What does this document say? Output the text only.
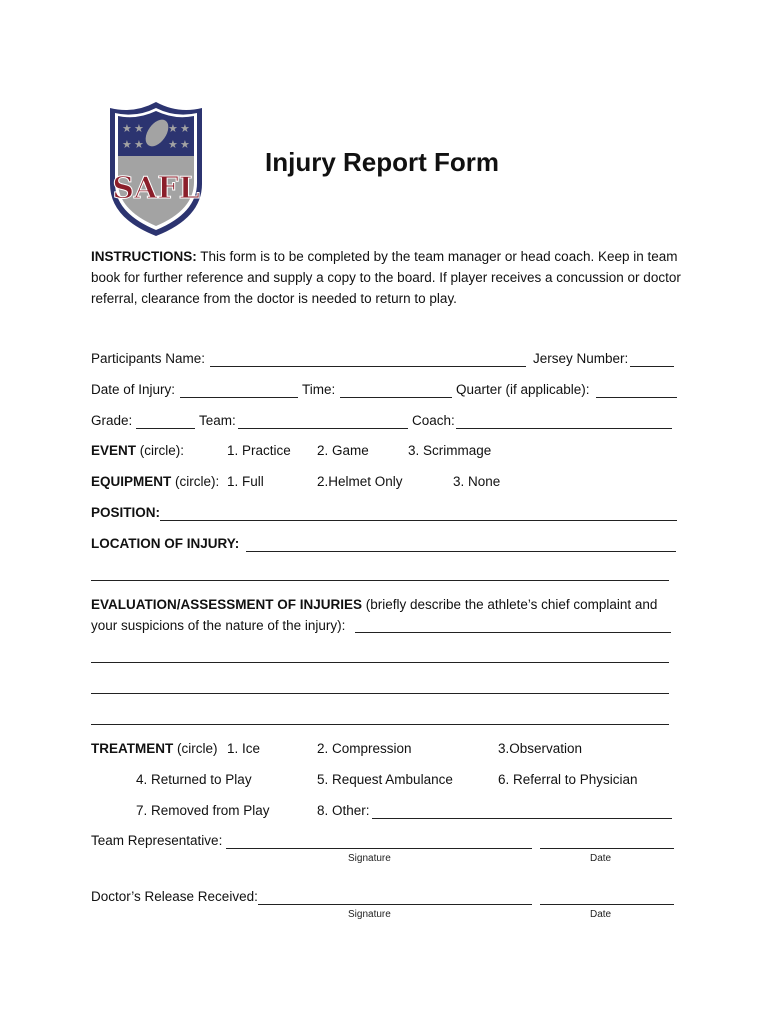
★ ★ ★ ★
★ ★ ★ ★
SAFL
Injury Report Form
INSTRUCTIONS: This form is to be completed by the team manager or head coach. Keep in team book for further reference and supply a copy to the board. If player receives a concussion or doctor referral, clearance from the doctor is needed to return to play.
Participants Name:	Jersey Number:
Date of Injury:	Time:	Quarter (if applicable):
Grade:	Team:	Coach:
EVENT (circle):	1. Practice 2. Game	3. Scrimmage
EQUIPMENT (circle): 1. Full	2.Helmet Only	3. None
POSITION:
LOCATION OF INJURY:
EVALUATION/ASSESSMENT OF INJURIES (briefly describe the athlete’s chief complaint and
your suspicions of the nature of the injury):
TREATMENT (circle) 1. Ice	2. Compression	3.Observation
4. Returned to Play	5. Request Ambulance	6. Referral to Physician
7. Removed from Play	8. Other:
Team Representative:
Signature	Date
Doctor’s Release Received:
Signature	Date
